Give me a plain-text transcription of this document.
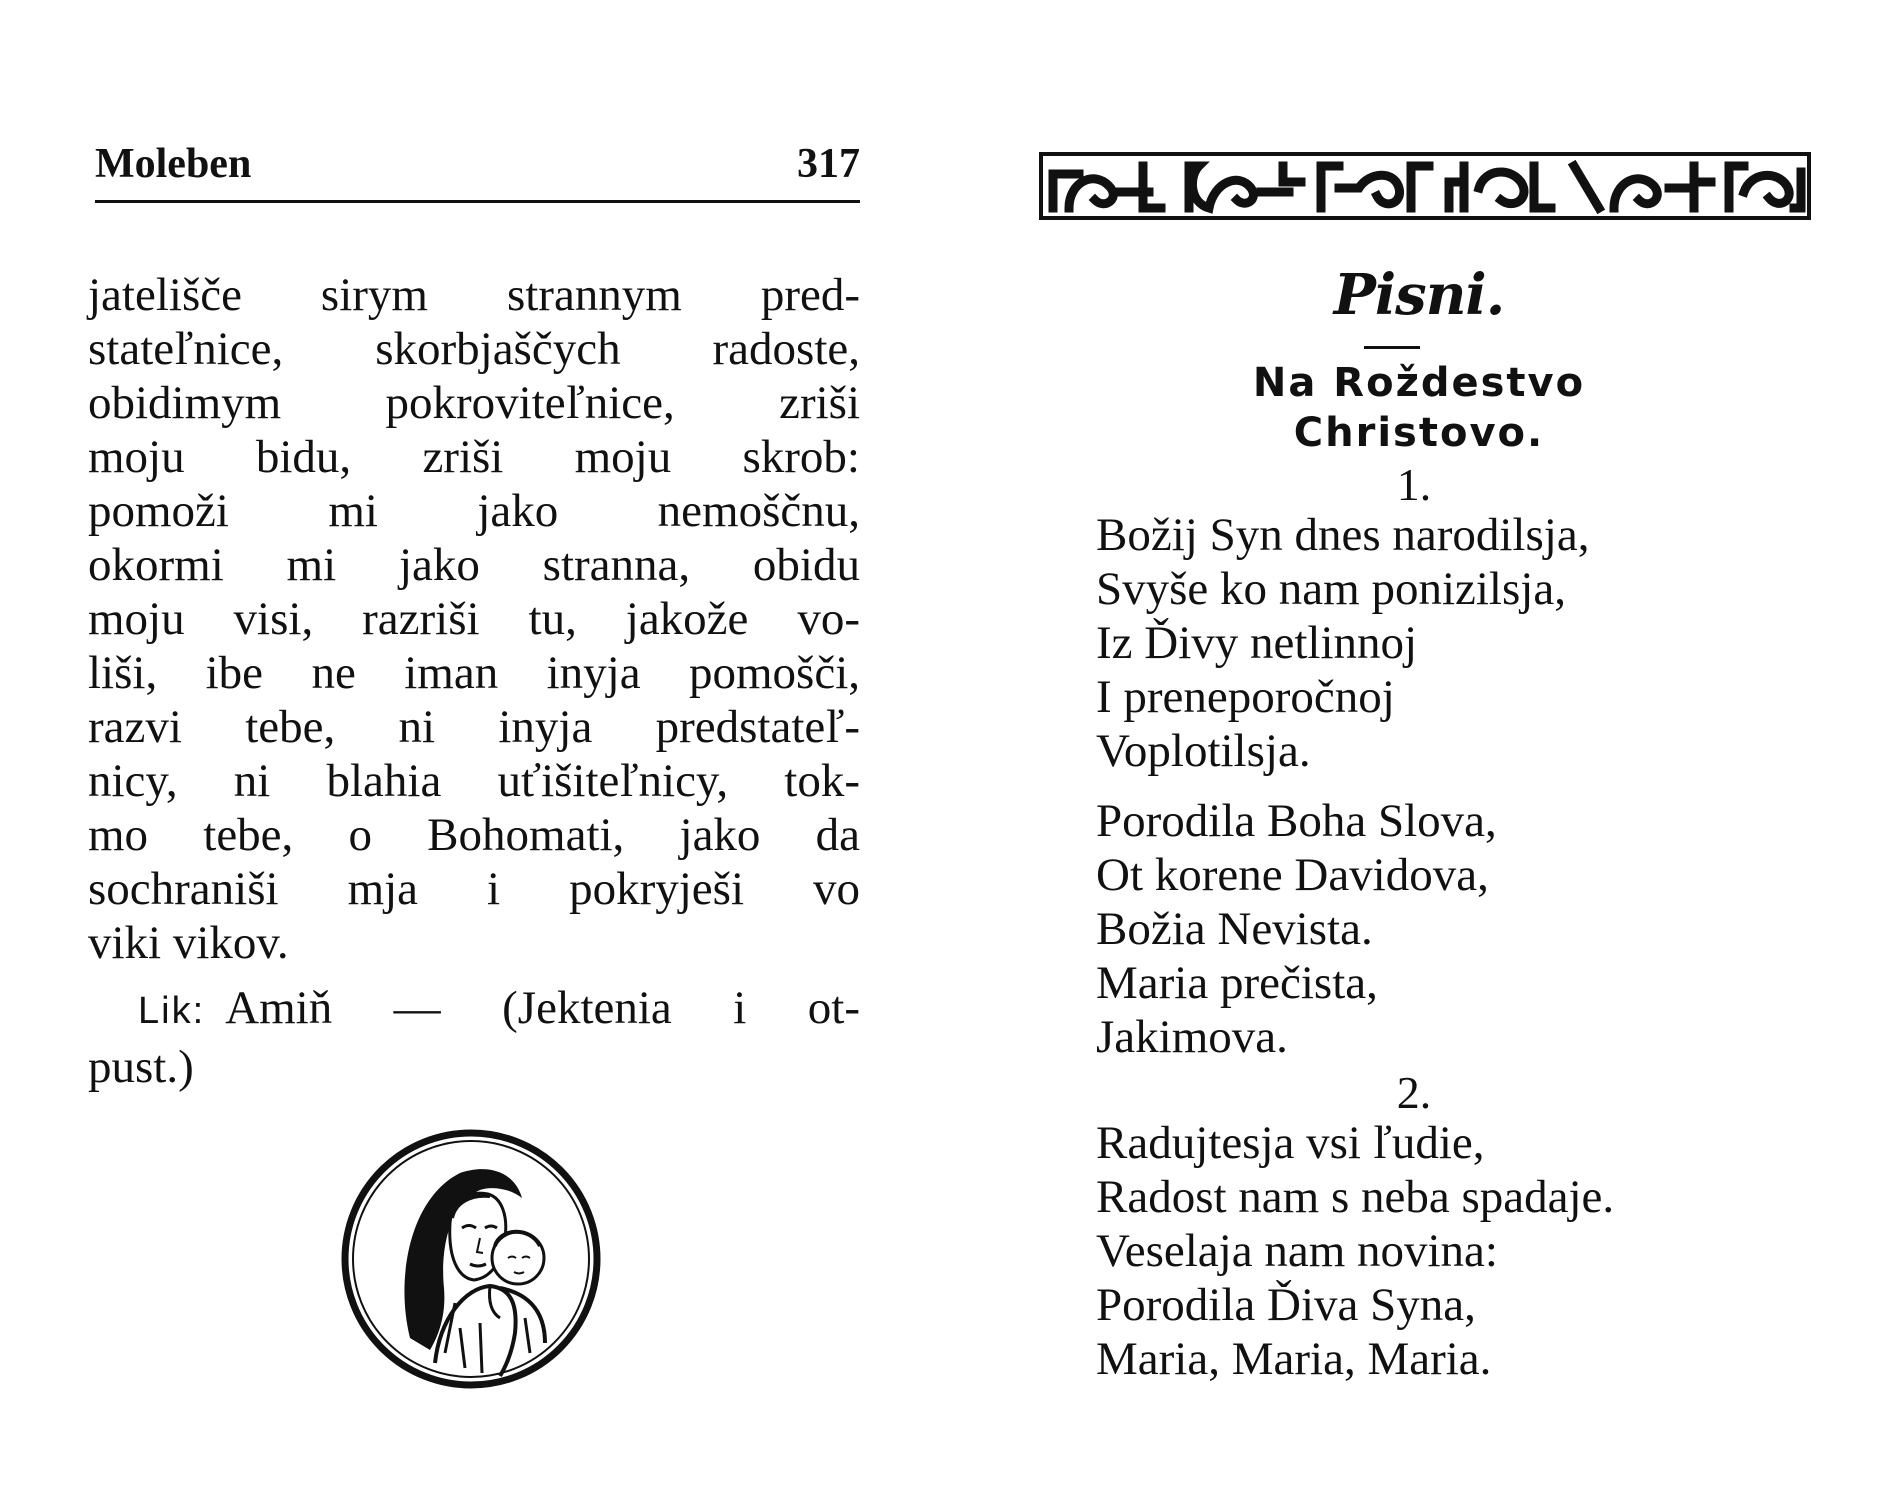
Moleben	317

jatelišče sirym strannym pred-
stateľnice, skorbjaščych radoste,
obidimym pokroviteľnice, zriši
moju bidu, zriši moju skrob:
pomoži mi jako nemoščnu,
okormi mi jako stranna, obidu
moju visi, razriši tu, jakože vo-
liši, ibe ne iman inyja pomošči,
razvi tebe, ni inyja predstateľ-
nicy, ni blahia uťišiteľnicy, tok-
mo tebe, o Bohomati, jako da
sochraniši mja i pokryješi vo
viki vikov.

Lik: Amiň — (Jektenia i ot-
pust.)
Pisni.
Na Roždestvo
Christovo.
1.
Božij Syn dnes narodilsja,
Svyše ko nam ponizilsja,
Iz Ďivy netlinnoj
I preneporočnoj
Voplotilsja.
Porodila Boha Slova,
Ot korene Davidova,
Božia Nevista.
Maria prečista,
Jakimova.
2.
Radujtesja vsi ľudie,
Radost nam s neba spadaje.
Veselaja nam novina:
Porodila Ďiva Syna,
Maria, Maria, Maria.
